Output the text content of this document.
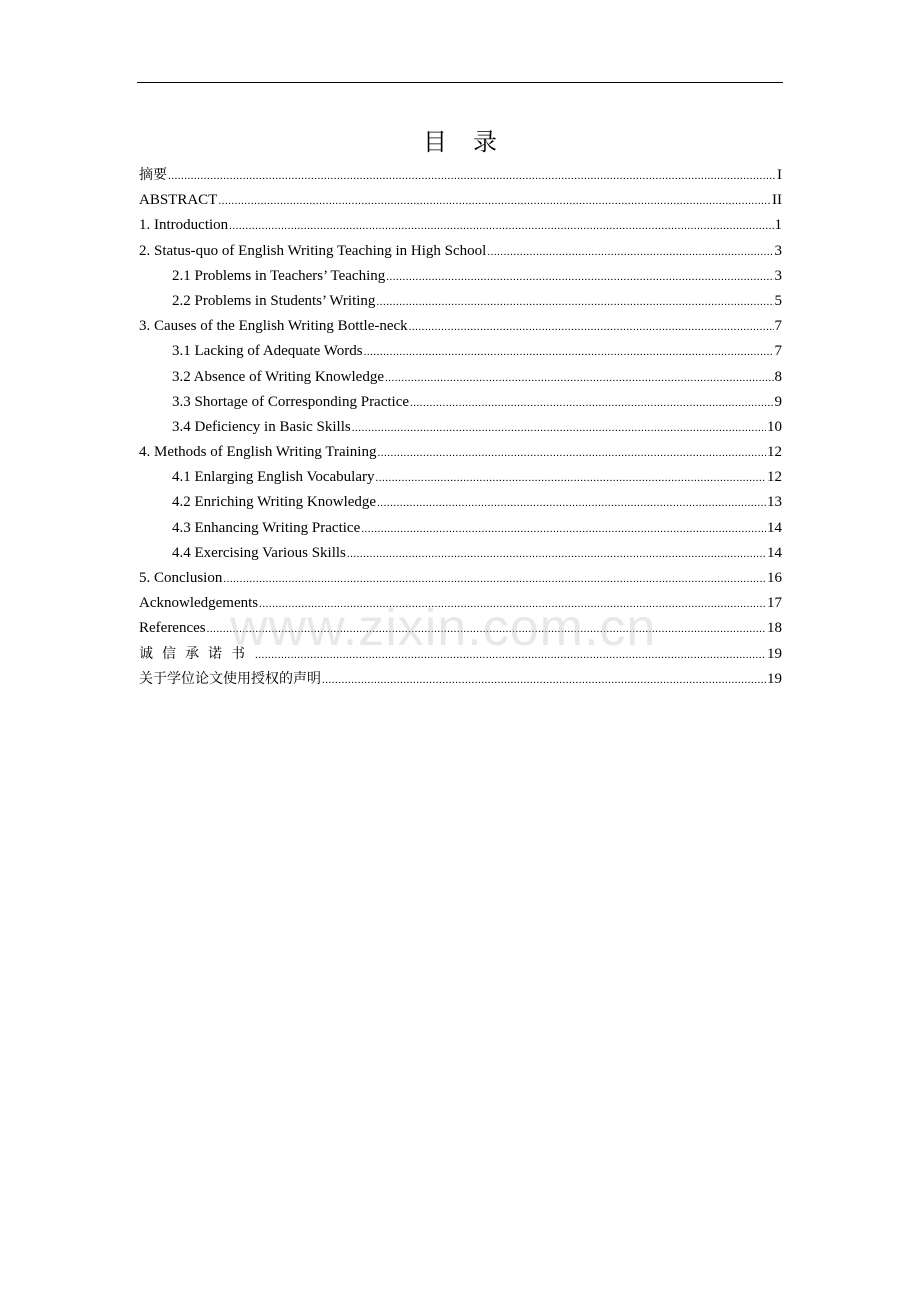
目 录
摘要 .....	I
ABSTRACT .....	II
1. Introduction .....	1
2. Status-quo of English Writing Teaching in High School .....	3
2.1 Problems in Teachers’ Teaching .....	3
2.2 Problems in Students’ Writing .....	5
3. Causes of the English Writing Bottle-neck .....	7
3.1 Lacking of Adequate Words .....	7
3.2 Absence of Writing Knowledge .....	8
3.3 Shortage of Corresponding Practice .....	9
3.4 Deficiency in Basic Skills .....	10
4. Methods of English Writing Training .....	12
4.1 Enlarging English Vocabulary .....	12
4.2 Enriching Writing Knowledge .....	13
4.3 Enhancing Writing Practice .....	14
4.4 Exercising Various Skills .....	14
5. Conclusion .....	16
Acknowledgements .....	17
References .....	18
诚信承诺书 .....	19
关于学位论文使用授权的声明 .....	19
www.zixin.com.cn
